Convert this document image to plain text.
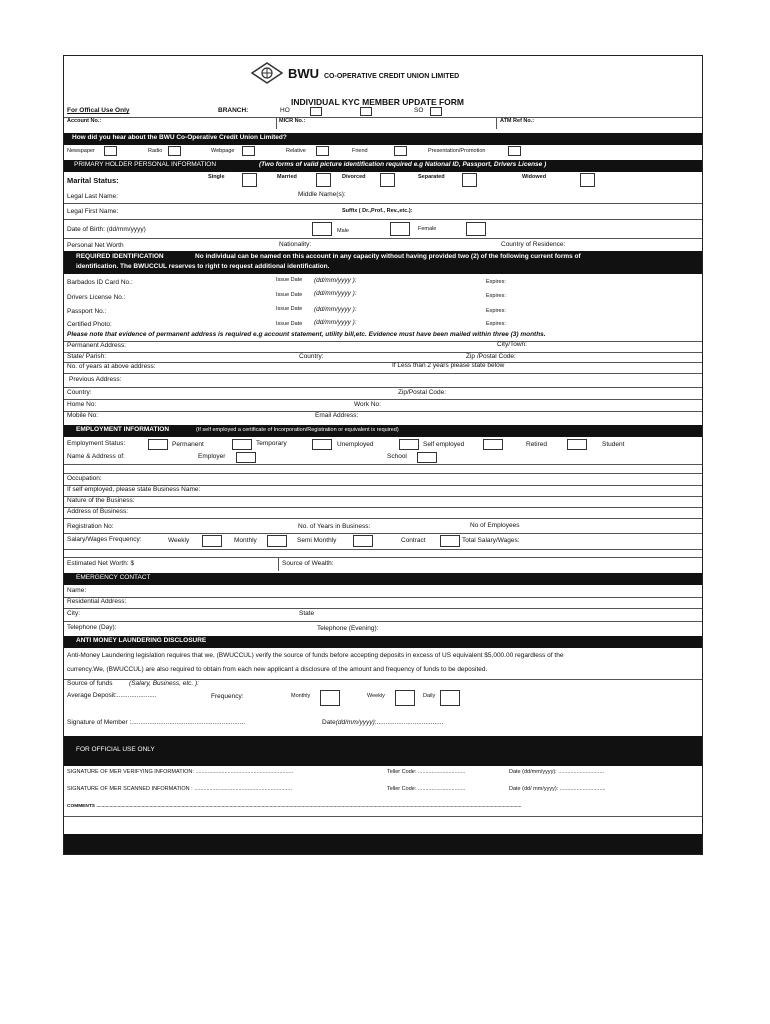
BWU CO-OPERATIVE CREDIT UNION LIMITED
INDIVIDUAL KYC MEMBER UPDATE FORM
For Offical Use Only	BRANCH:	HO	SO
Account No.:	MICR No.:	ATM Ref No.:
How did you hear about the BWU Co-Operative Credit Union Limited?
Newspaper	Radio	Webpage	Relative	Friend	Presentation/Promotion
PRIMARY HOLDER PERSONAL INFORMATION	(Two forms of valid picture identification required e.g National ID, Passport, Drivers License )
Marital Status:	Single	Married	Divorced	Separated	Widowed
Legal Last Name:	Middle Name(s):
Legal First Name:	Suffix ( Dr.,Prof., Rev.,etc.):
Date of Birth: (dd/mm/yyyy)	Male	Female
Personal Net Worth	Nationality:	Country of Residence:
REQUIRED IDENTIFICATION	No individual can be named on this account in any capacity without having provided two (2) of the following current forms of
identification. The BWUCCUL reserves to right to request additional identification.
Barbados ID Card No.:	Issue Date (dd/mm/yyyy ):	Expires:
Drivers License No.:	Issue Date (dd/mm/yyyy ):	Expires:
Passport No.:	Issue Date (dd/mm/yyyy ):	Expires:
Certified Photo:	Issue Date (dd/mm/yyyy ):	Expires:
Please note that evidence of permanent address is required e.g account statement, utility bill,etc. Evidence must have been mailed within three (3) months.
Permanent Address:	City/Town:
State/ Parish:	Country:	Zip /Postal Code:
No. of years at above address:	If Less than 2 years please state below
Previous Address:
Country:	Zip/Postal Code:
Home No:	Work No:
Mobile No:	Email Address:
EMPLOYMENT INFORMATION	(If self employed a certificate of Incorporation/Registration or equivalent is required)
Employment Status:	Permanent	Temporary	Unemployed	Self employed	Retired	Student
Name & Address of:	Employer	School
Occupation:
If self employed, please state Business Name:
Nature of the Business:
Address of Business:
Registration No:	No. of Years in Business:	No of Employees
Salary/Wages Frequency:	Weekly	Monthly	Semi Monthly	Contract	Total Salary/Wages:
Estimated Net Worth: $	Source of Wealth:
EMERGENCY CONTACT
Name:
Residential Address:
City:	State
Telephone (Day):	Telephone (Evening):
ANTI MONEY LAUNDERING DISCLOSURE
Anti-Money Laundering legislation requires that we, (BWUCCUL) verify the source of funds before accepting deposits in excess of US equivalent $5,000.00 regardless of the
currency.We, (BWUCCUL) are also required to obtain from each new applicant a disclosure of the amount and frequency of funds to be deposited.
Source of funds	(Salary, Business, etc. ):
Average Deposit:......................	Frequency:	Monthly	Weekly	Daily
Signature of Member :...............................................................	Date(dd/mm/yyyy):.....................................
FOR OFFICIAL USE ONLY
SIGNATURE OF MER VERIFYING INFORMATION: ................................................................	Teller Code: ...............................	Date (dd/mm/yyyy): ..............................
SIGNATURE OF MER SCANNED INFORMATION : ................................................................	Teller Code: ...............................	Date (dd/ mm/yyyy): ..............................
COMMENTS ...............................................................................................................................................................................................................................................................................................................................
